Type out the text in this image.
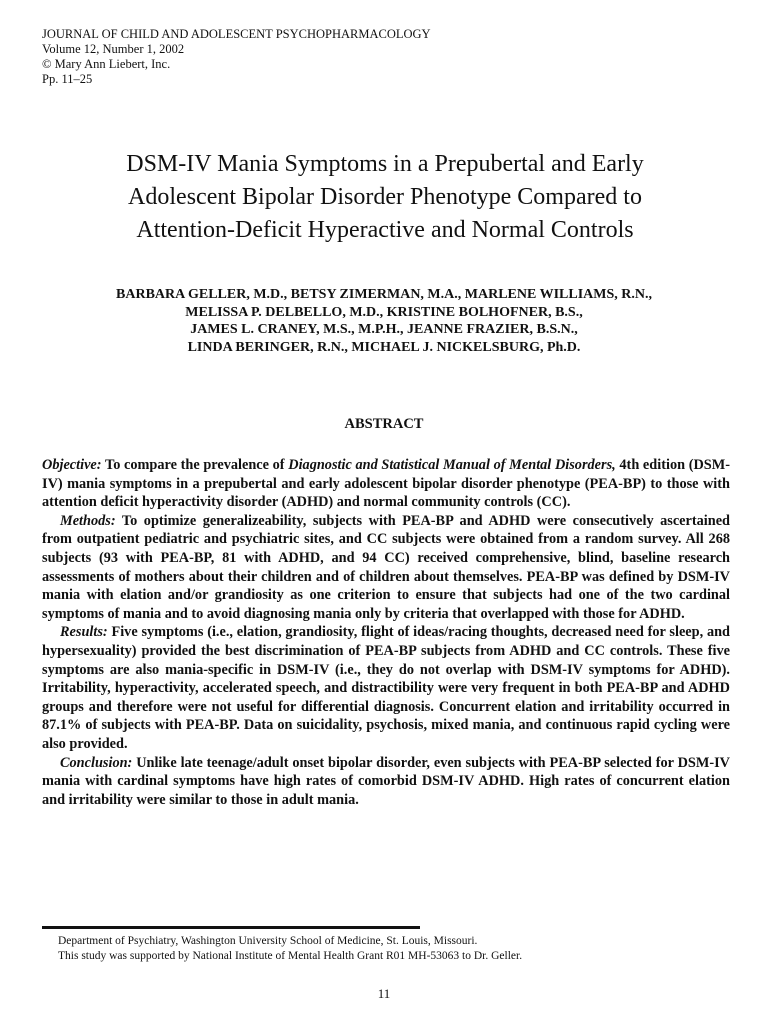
JOURNAL OF CHILD AND ADOLESCENT PSYCHOPHARMACOLOGY
Volume 12, Number 1, 2002
© Mary Ann Liebert, Inc.
Pp. 11–25
DSM-IV Mania Symptoms in a Prepubertal and Early
Adolescent Bipolar Disorder Phenotype Compared to
Attention-Deficit Hyperactive and Normal Controls
BARBARA GELLER, M.D., BETSY ZIMERMAN, M.A., MARLENE WILLIAMS, R.N.,
MELISSA P. DELBELLO, M.D., KRISTINE BOLHOFNER, B.S.,
JAMES L. CRANEY, M.S., M.P.H., JEANNE FRAZIER, B.S.N.,
LINDA BERINGER, R.N., MICHAEL J. NICKELSBURG, Ph.D.
ABSTRACT

Objective: To compare the prevalence of Diagnostic and Statistical Manual of Mental Disorders, 4th edition (DSM-IV) mania symptoms in a prepubertal and early adolescent bipolar disorder phenotype (PEA-BP) to those with attention deficit hyperactivity disorder (ADHD) and normal community controls (CC).

Methods: To optimize generalizeability, subjects with PEA-BP and ADHD were consecutively ascertained from outpatient pediatric and psychiatric sites, and CC subjects were obtained from a random survey. All 268 subjects (93 with PEA-BP, 81 with ADHD, and 94 CC) received comprehensive, blind, baseline research assessments of mothers about their children and of children about themselves. PEA-BP was defined by DSM-IV mania with elation and/or grandiosity as one criterion to ensure that subjects had one of the two cardinal symptoms of mania and to avoid diagnosing mania only by criteria that overlapped with those for ADHD.

Results: Five symptoms (i.e., elation, grandiosity, flight of ideas/racing thoughts, decreased need for sleep, and hypersexuality) provided the best discrimination of PEA-BP subjects from ADHD and CC controls. These five symptoms are also mania-specific in DSM-IV (i.e., they do not overlap with DSM-IV symptoms for ADHD). Irritability, hyperactivity, accelerated speech, and distractibility were very frequent in both PEA-BP and ADHD groups and therefore were not useful for differential diagnosis. Concurrent elation and irritability occurred in 87.1% of subjects with PEA-BP. Data on suicidality, psychosis, mixed mania, and continuous rapid cycling were also provided.

Conclusion: Unlike late teenage/adult onset bipolar disorder, even subjects with PEA-BP selected for DSM-IV mania with cardinal symptoms have high rates of comorbid DSM-IV ADHD. High rates of concurrent elation and irritability were similar to those in adult mania.

Department of Psychiatry, Washington University School of Medicine, St. Louis, Missouri.
This study was supported by National Institute of Mental Health Grant R01 MH-53063 to Dr. Geller.
11
